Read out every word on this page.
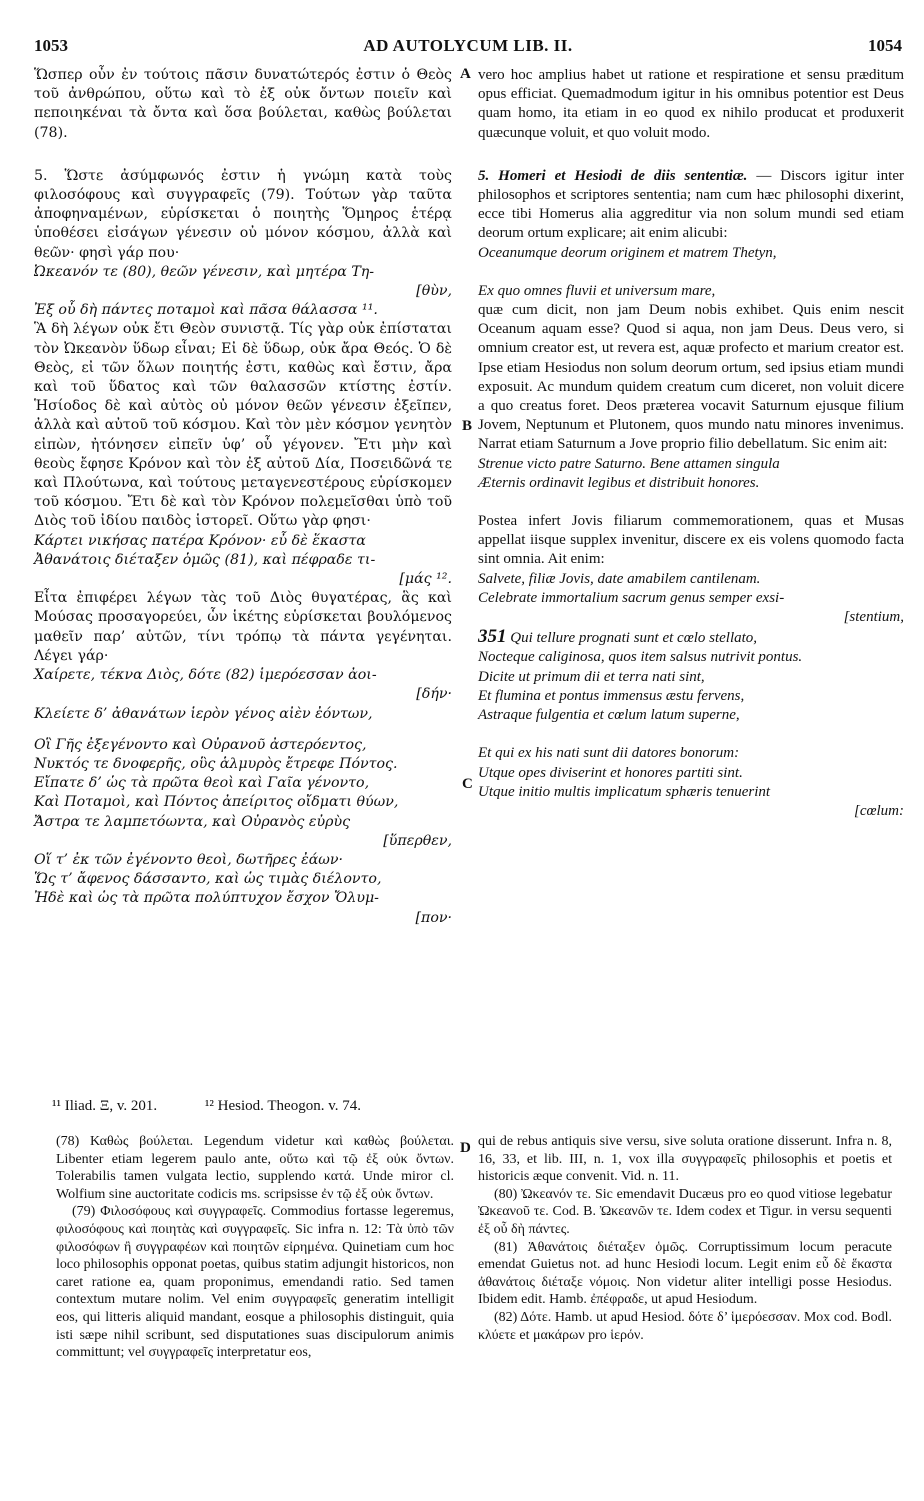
1053	AD AUTOLYCUM LIB. II.	1054

Ὥσπερ οὖν ἐν τούτοις πᾶσιν δυνατώτερός ἐστιν ὁ Θεὸς τοῦ ἀνθρώπου, οὕτω καὶ τὸ ἐξ οὐκ ὄντων ποιεῖν καὶ πεποιηκέναι τὰ ὄντα καὶ ὅσα βούλεται, καθὼς βούλεται (78).

5. Ὥστε ἀσύμφωνός ἐστιν ἡ γνώμη κατὰ τοὺς φιλοσόφους καὶ συγγραφεῖς (79). Τούτων γὰρ ταῦτα ἀποφηναμένων, εὑρίσκεται ὁ ποιητὴς Ὅμηρος ἑτέρᾳ ὑποθέσει εἰσάγων γένεσιν οὐ μόνον κόσμου, ἀλλὰ καὶ θεῶν· φησὶ γάρ που·

Ὠκεανόν τε (80), θεῶν γένεσιν, καὶ μητέρα Τη-
[θὺν,
Ἐξ οὗ δὴ πάντες ποταμοὶ καὶ πᾶσα θάλασσα ¹¹.

Ἃ δὴ λέγων οὐκ ἔτι Θεὸν συνιστᾷ. Τίς γὰρ οὐκ ἐπίσταται τὸν Ὠκεανὸν ὕδωρ εἶναι; Εἰ δὲ ὕδωρ, οὐκ ἄρα Θεός. Ὁ δὲ Θεὸς, εἰ τῶν ὅλων ποιητής ἐστι, καθὼς καὶ ἔστιν, ἄρα καὶ τοῦ ὕδατος καὶ τῶν θαλασσῶν κτίστης ἐστίν. Ἡσίοδος δὲ καὶ αὐτὸς οὐ μόνον θεῶν γένεσιν ἐξεῖπεν, ἀλλὰ καὶ αὐτοῦ τοῦ κόσμου. Καὶ τὸν μὲν κόσμον γενητὸν εἰπὼν, ἠτόνησεν εἰπεῖν ὑφ’ οὗ γέγονεν. Ἔτι μὴν καὶ θεοὺς ἔφησε Κρόνον καὶ τὸν ἐξ αὐτοῦ Δία, Ποσειδῶνά τε καὶ Πλούτωνα, καὶ τούτους μεταγενεστέρους εὑρίσκομεν τοῦ κόσμου. Ἔτι δὲ καὶ τὸν Κρόνον πολεμεῖσθαι ὑπὸ τοῦ Διὸς τοῦ ἰδίου παιδὸς ἱστορεῖ. Οὕτω γὰρ φησι·

Κάρτει νικήσας πατέρα Κρόνον· εὖ δὲ ἕκαστα
Ἀθανάτοις διέταξεν ὁμῶς (81), καὶ πέφραδε τι-
[μάς ¹².

Εἶτα ἐπιφέρει λέγων τὰς τοῦ Διὸς θυγατέρας, ἃς καὶ Μούσας προσαγορεύει, ὧν ἱκέτης εὑρίσκεται βουλόμενος μαθεῖν παρ’ αὐτῶν, τίνι τρόπῳ τὰ πάντα γεγένηται. Λέγει γάρ·

Χαίρετε, τέκνα Διὸς, δότε (82) ἱμερόεσσαν ἀοι-
[δήν·
Κλείετε δ’ ἀθανάτων ἱερὸν γένος αἰὲν ἐόντων,
Οἳ Γῆς ἐξεγένοντο καὶ Οὐρανοῦ ἀστερόεντος,
Νυκτός τε δνοφερῆς, οὓς ἁλμυρὸς ἔτρεφε Πόντος.
Εἴπατε δ’ ὡς τὰ πρῶτα θεοὶ καὶ Γαῖα γένοντο,
Καὶ Ποταμοὶ, καὶ Πόντος ἀπείριτος οἴδματι θύων,
Ἄστρα τε λαμπετόωντα, καὶ Οὐρανὸς εὐρὺς
[ὕπερθεν,
Οἵ τ’ ἐκ τῶν ἐγένοντο θεοὶ, δωτῆρες ἐάων·
Ὥς τ’ ἄφενος δάσσαντο, καὶ ὡς τιμὰς διέλοντο,
Ἠδὲ καὶ ὡς τὰ πρῶτα πολύπτυχον ἔσχον Ὄλυμ-
[πον·
A
B
C
D

vero hoc amplius habet ut ratione et respiratione et sensu præditum opus efficiat. Quemadmodum igitur in his omnibus potentior est Deus quam homo, ita etiam in eo quod ex nihilo producat et produxerit quæcunque voluit, et quo voluit modo.

5. Homeri et Hesiodi de diis sententiæ. — Discors igitur inter philosophos et scriptores sententia; nam cum hæc philosophi dixerint, ecce tibi Homerus alia aggreditur via non solum mundi sed etiam deorum ortum explicare; ait enim alicubi:

Oceanumque deorum originem et matrem Thetyn,
Ex quo omnes fluvii et universum mare,

quæ cum dicit, non jam Deum nobis exhibet. Quis enim nescit Oceanum aquam esse? Quod si aqua, non jam Deus. Deus vero, si omnium creator est, ut revera est, aquæ profecto et marium creator est. Ipse etiam Hesiodus non solum deorum ortum, sed ipsius etiam mundi exposuit. Ac mundum quidem creatum cum diceret, non voluit dicere a quo creatus foret. Deos præterea vocavit Saturnum ejusque filium Jovem, Neptunum et Plutonem, quos mundo natu minores invenimus. Narrat etiam Saturnum a Jove proprio filio debellatum. Sic enim ait:

Strenue victo patre Saturno. Bene attamen singula
Æternis ordinavit legibus et distribuit honores.

Postea infert Jovis filiarum commemorationem, quas et Musas appellat iisque supplex invenitur, discere ex eis volens quomodo facta sint omnia. Ait enim:

Salvete, filiæ Jovis, date amabilem cantilenam.
Celebrate immortalium sacrum genus semper exsi-
[stentium,
351 Qui tellure prognati sunt et cœlo stellato,
Nocteque caliginosa, quos item salsus nutrivit pontus.
Dicite ut primum dii et terra nati sint,
Et flumina et pontus immensus æstu fervens,
Astraque fulgentia et cœlum latum superne,
Et qui ex his nati sunt dii datores bonorum:
Utque opes diviserint et honores partiti sint.
Utque initio multis implicatum sphæris tenuerint
[cœlum:
¹¹ Iliad. Ξ, v. 201.	¹² Hesiod. Theogon. v. 74.

(78) Καθὼς βούλεται. Legendum videtur καὶ καθὼς βούλεται. Libenter etiam legerem paulo ante, οὕτω καὶ τῷ ἐξ οὐκ ὄντων. Tolerabilis tamen vulgata lectio, supplendo κατά. Unde miror cl. Wolfium sine auctoritate codicis ms. scripsisse ἐν τῷ ἐξ οὐκ ὄντων.

(79) Φιλοσόφους καὶ συγγραφεῖς. Commodius fortasse legeremus, φιλοσόφους καὶ ποιητὰς καὶ συγγραφεῖς. Sic infra n. 12: Τὰ ὑπὸ τῶν φιλοσόφων ἢ συγγραφέων καὶ ποιητῶν εἰρημένα. Quinetiam cum hoc loco philosophis opponat poetas, quibus statim adjungit historicos, non caret ratione ea, quam proponimus, emendandi ratio. Sed tamen contextum mutare nolim. Vel enim συγγραφεῖς generatim intelligit eos, qui litteris aliquid mandant, eosque a philosophis distinguit, quia isti sæpe nihil scribunt, sed disputationes suas discipulorum animis committunt; vel συγγραφεῖς interpretatur eos,

qui de rebus antiquis sive versu, sive soluta oratione disserunt. Infra n. 8, 16, 33, et lib. III, n. 1, vox illa συγγραφεῖς philosophis et poetis et historicis æque convenit. Vid. n. 11.

(80) Ὠκεανόν τε. Sic emendavit Ducæus pro eo quod vitiose legebatur Ὠκεανοῦ τε. Cod. B. Ὠκεανῶν τε. Idem codex et Tigur. in versu sequenti ἐξ οὗ δὴ πάντες.

(81) Ἀθανάτοις διέταξεν ὁμῶς. Corruptissimum locum peracute emendat Guietus not. ad hunc Hesiodi locum. Legit enim εὖ δὲ ἕκαστα ἀθανάτοις διέταξε νόμοις. Non videtur aliter intelligi posse Hesiodus. Ibidem edit. Hamb. ἐπέφραδε, ut apud Hesiodum.

(82) Δότε. Hamb. ut apud Hesiod. δότε δ’ ἱμερόεσσαν. Mox cod. Bodl. κλύετε et μακάρων pro ἱερόν.
